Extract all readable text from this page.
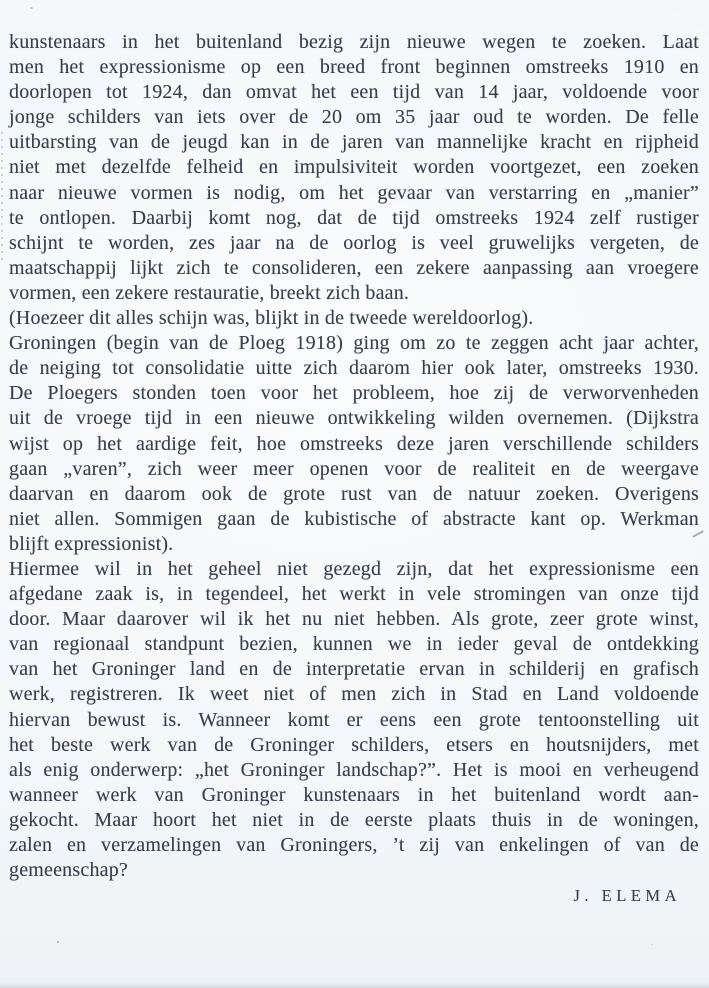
kunstenaars in het buitenland bezig zijn nieuwe wegen te zoeken. Laat
men het expressionisme op een breed front beginnen omstreeks 1910 en
doorlopen tot 1924, dan omvat het een tijd van 14 jaar, voldoende voor
jonge schilders van iets over de 20 om 35 jaar oud te worden. De felle
uitbarsting van de jeugd kan in de jaren van mannelijke kracht en rijpheid
niet met dezelfde felheid en impulsiviteit worden voortgezet, een zoeken
naar nieuwe vormen is nodig, om het gevaar van verstarring en „manier”
te ontlopen. Daarbij komt nog, dat de tijd omstreeks 1924 zelf rustiger
schijnt te worden, zes jaar na de oorlog is veel gruwelijks vergeten, de
maatschappij lijkt zich te consolideren, een zekere aanpassing aan vroegere
vormen, een zekere restauratie, breekt zich baan.
(Hoezeer dit alles schijn was, blijkt in de tweede wereldoorlog).
Groningen (begin van de Ploeg 1918) ging om zo te zeggen acht jaar achter,
de neiging tot consolidatie uitte zich daarom hier ook later, omstreeks 1930.
De Ploegers stonden toen voor het probleem, hoe zij de verworvenheden
uit de vroege tijd in een nieuwe ontwikkeling wilden overnemen. (Dijkstra
wijst op het aardige feit, hoe omstreeks deze jaren verschillende schilders
gaan „varen”, zich weer meer openen voor de realiteit en de weergave
daarvan en daarom ook de grote rust van de natuur zoeken. Overigens
niet allen. Sommigen gaan de kubistische of abstracte kant op. Werkman
blijft expressionist).
Hiermee wil in het geheel niet gezegd zijn, dat het expressionisme een
afgedane zaak is, in tegendeel, het werkt in vele stromingen van onze tijd
door. Maar daarover wil ik het nu niet hebben. Als grote, zeer grote winst,
van regionaal standpunt bezien, kunnen we in ieder geval de ontdekking
van het Groninger land en de interpretatie ervan in schilderij en grafisch
werk, registreren. Ik weet niet of men zich in Stad en Land voldoende
hiervan bewust is. Wanneer komt er eens een grote tentoonstelling uit
het beste werk van de Groninger schilders, etsers en houtsnijders, met
als enig onderwerp: „het Groninger landschap?”. Het is mooi en verheugend
wanneer werk van Groninger kunstenaars in het buitenland wordt aan-
gekocht. Maar hoort het niet in de eerste plaats thuis in de woningen,
zalen en verzamelingen van Groningers, ’t zij van enkelingen of van de
gemeenschap?
J. ELEMA
